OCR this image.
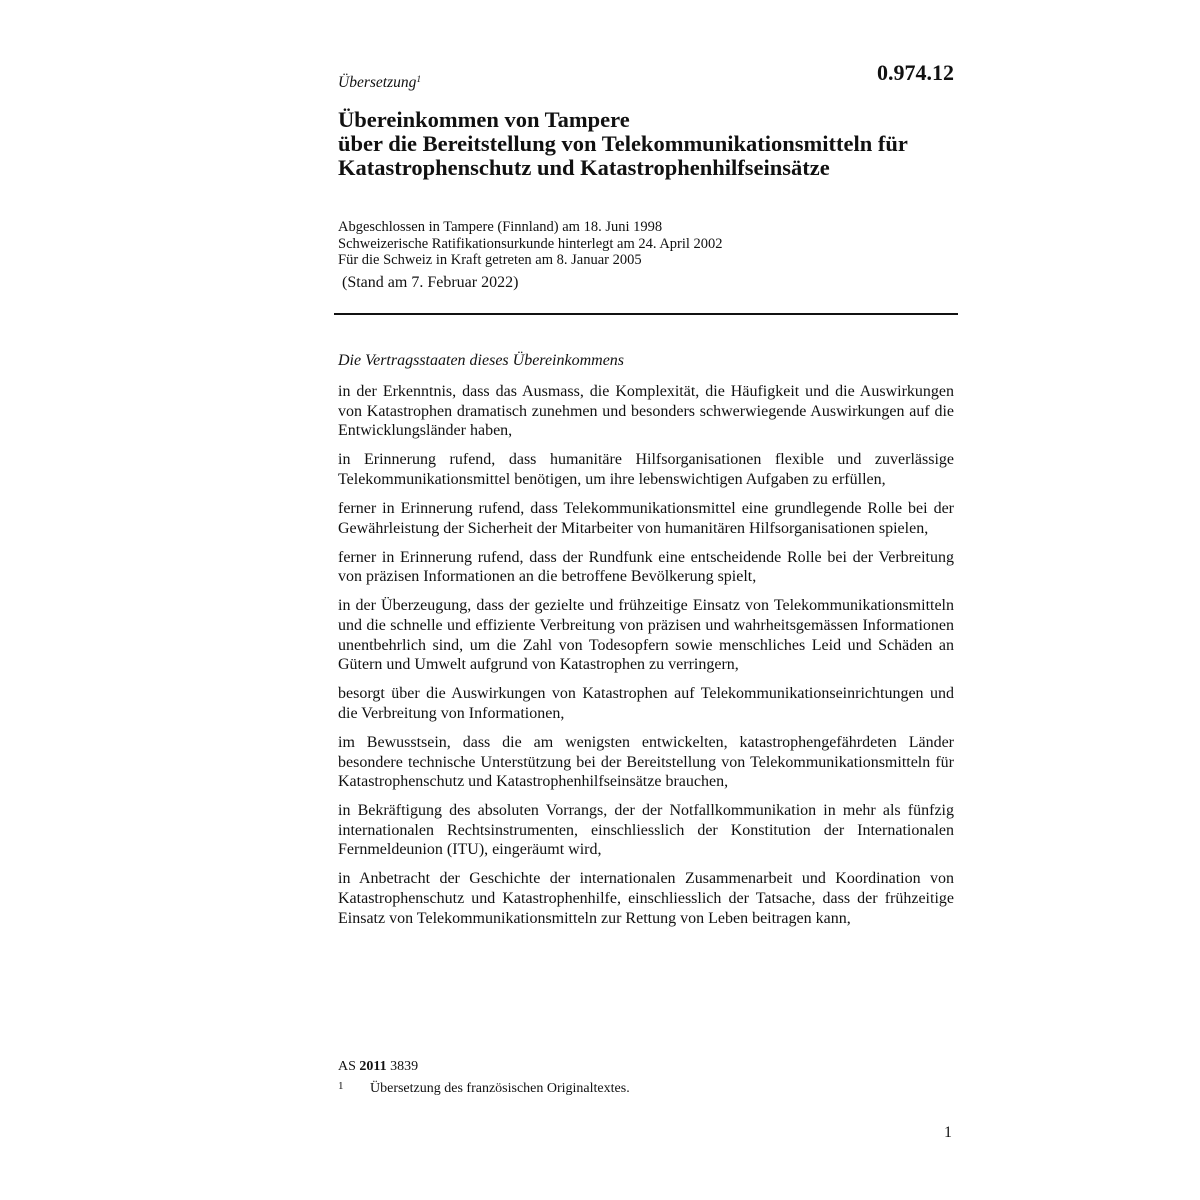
Übersetzung$^1$	0.974.12
Übereinkommen von Tampere
über die Bereitstellung von Telekommunikationsmitteln für
Katastrophenschutz und Katastrophenhilfseinsätze
Abgeschlossen in Tampere (Finnland) am 18. Juni 1998
Schweizerische Ratifikationsurkunde hinterlegt am 24. April 2002
Für die Schweiz in Kraft getreten am 8. Januar 2005
(Stand am 7. Februar 2022)
Die Vertragsstaaten dieses Übereinkommens

in der Erkenntnis, dass das Ausmass, die Komplexität, die Häufigkeit und die Auswirkungen von Katastrophen dramatisch zunehmen und besonders schwerwiegende Auswirkungen auf die Entwicklungsländer haben,

in Erinnerung rufend, dass humanitäre Hilfsorganisationen flexible und zuverlässige Telekommunikationsmittel benötigen, um ihre lebenswichtigen Aufgaben zu erfüllen,

ferner in Erinnerung rufend, dass Telekommunikationsmittel eine grundlegende Rolle bei der Gewährleistung der Sicherheit der Mitarbeiter von humanitären Hilfsorganisationen spielen,

ferner in Erinnerung rufend, dass der Rundfunk eine entscheidende Rolle bei der Verbreitung von präzisen Informationen an die betroffene Bevölkerung spielt,

in der Überzeugung, dass der gezielte und frühzeitige Einsatz von Telekommunikationsmitteln und die schnelle und effiziente Verbreitung von präzisen und wahrheitsgemässen Informationen unentbehrlich sind, um die Zahl von Todesopfern sowie menschliches Leid und Schäden an Gütern und Umwelt aufgrund von Katastrophen zu verringern,

besorgt über die Auswirkungen von Katastrophen auf Telekommunikationseinrichtungen und die Verbreitung von Informationen,

im Bewusstsein, dass die am wenigsten entwickelten, katastrophengefährdeten Länder besondere technische Unterstützung bei der Bereitstellung von Telekommunikationsmitteln für Katastrophenschutz und Katastrophenhilfseinsätze brauchen,

in Bekräftigung des absoluten Vorrangs, der der Notfallkommunikation in mehr als fünfzig internationalen Rechtsinstrumenten, einschliesslich der Konstitution der Internationalen Fernmeldeunion (ITU), eingeräumt wird,

in Anbetracht der Geschichte der internationalen Zusammenarbeit und Koordination von Katastrophenschutz und Katastrophenhilfe, einschliesslich der Tatsache, dass der frühzeitige Einsatz von Telekommunikationsmitteln zur Rettung von Leben beitragen kann,

AS 2011 3839
1 Übersetzung des französischen Originaltextes.
1
